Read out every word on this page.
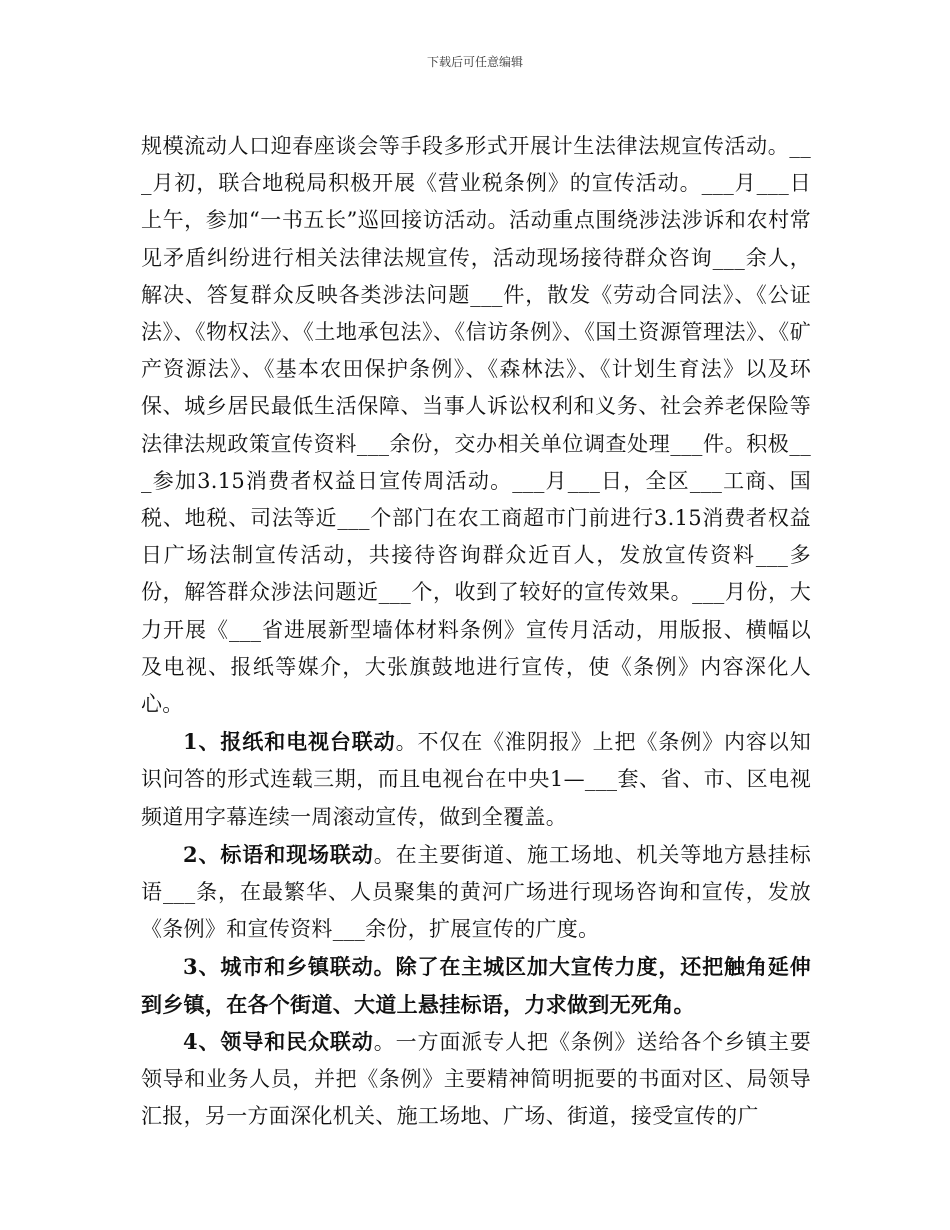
下载后可任意编辑

规模流动人口迎春座谈会等手段多形式开展计生法律法规宣传活动。___月初，联合地税局积极开展《营业税条例》的宣传活动。___月___日上午，参加“一书五长”巡回接访活动。活动重点围绕涉法涉诉和农村常见矛盾纠纷进行相关法律法规宣传，活动现场接待群众咨询___余人，解决、答复群众反映各类涉法问题___件，散发《劳动合同法》、《公证法》、《物权法》、《土地承包法》、《信访条例》、《国土资源管理法》、《矿产资源法》、《基本农田保护条例》、《森林法》、《计划生育法》以及环保、城乡居民最低生活保障、当事人诉讼权利和义务、社会养老保险等法律法规政策宣传资料___余份，交办相关单位调查处理___件。积极___参加3.15消费者权益日宣传周活动。___月___日，全区___工商、国税、地税、司法等近___个部门在农工商超市门前进行3.15消费者权益日广场法制宣传活动，共接待咨询群众近百人，发放宣传资料___多份，解答群众涉法问题近___个，收到了较好的宣传效果。___月份，大力开展《___省进展新型墙体材料条例》宣传月活动，用版报、横幅以及电视、报纸等媒介，大张旗鼓地进行宣传，使《条例》内容深化人心。

1、报纸和电视台联动。不仅在《淮阴报》上把《条例》内容以知识问答的形式连载三期，而且电视台在中央1—___套、省、市、区电视频道用字幕连续一周滚动宣传，做到全覆盖。

2、标语和现场联动。在主要街道、施工场地、机关等地方悬挂标语___条，在最繁华、人员聚集的黄河广场进行现场咨询和宣传，发放《条例》和宣传资料___余份，扩展宣传的广度。

3、城市和乡镇联动。除了在主城区加大宣传力度，还把触角延伸到乡镇，在各个街道、大道上悬挂标语，力求做到无死角。

4、领导和民众联动。一方面派专人把《条例》送给各个乡镇主要领导和业务人员，并把《条例》主要精神简明扼要的书面对区、局领导汇报，另一方面深化机关、施工场地、广场、街道，接受宣传的广
